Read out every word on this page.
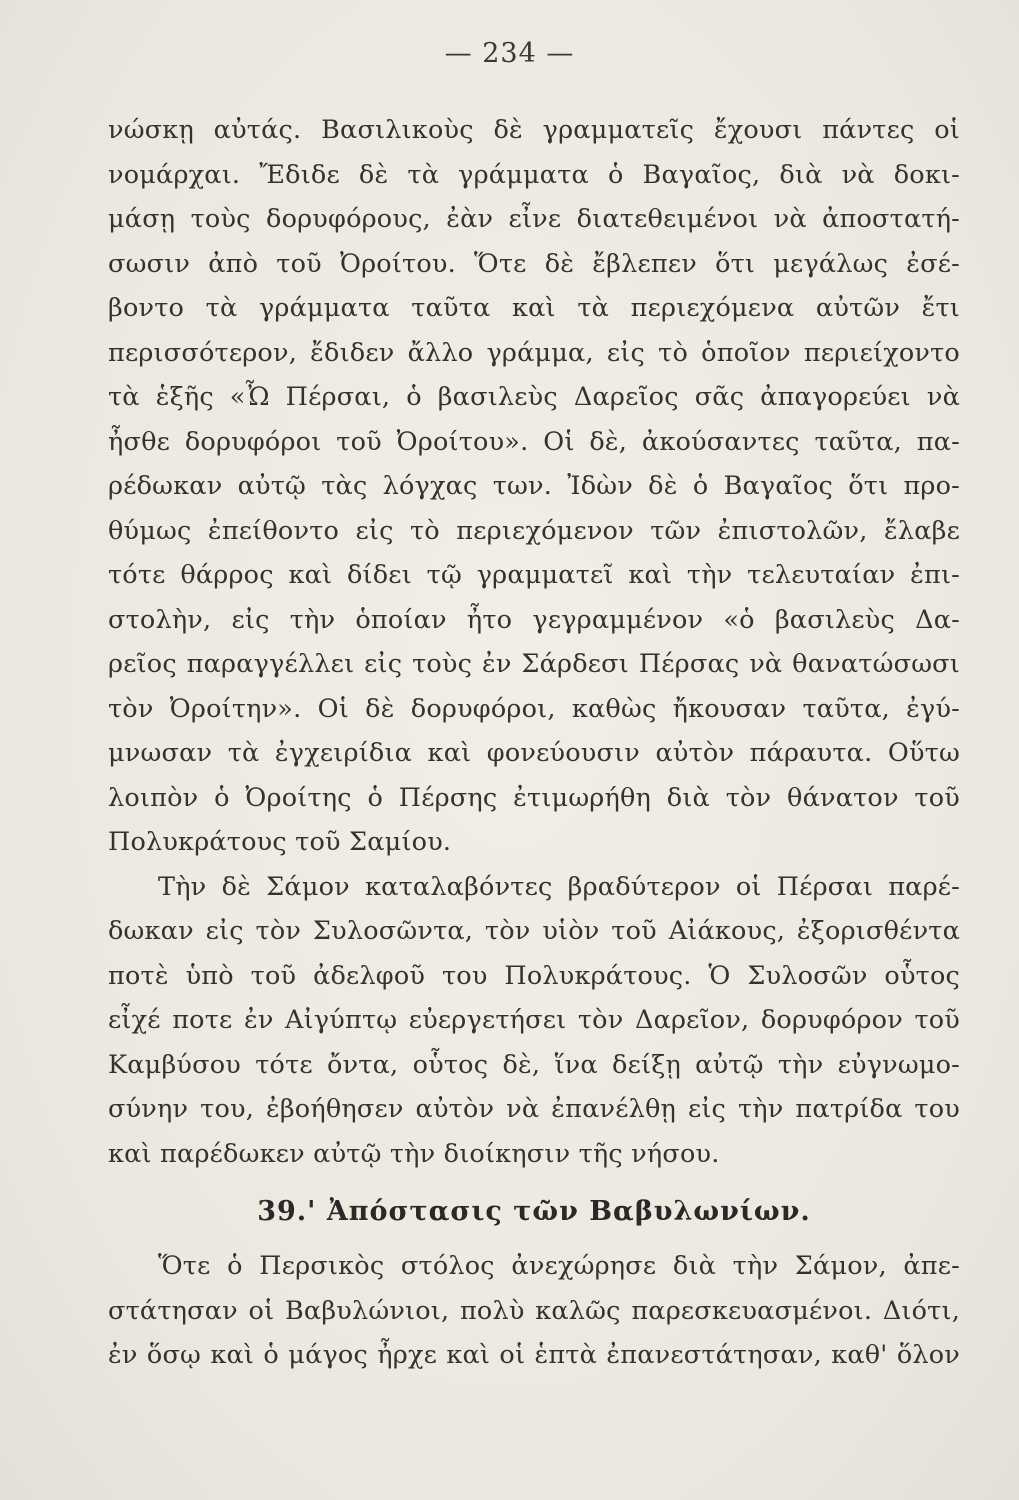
— 234 —
νώσκῃ αὐτάς. Βασιλικοὺς δὲ γραμματεῖς ἔχουσι πάντες οἱ
νομάρχαι. Ἔδιδε δὲ τὰ γράμματα ὁ Βαγαῖος, διὰ νὰ δοκι-
μάσῃ τοὺς δορυφόρους, ἐὰν εἶνε διατεθειμένοι νὰ ἀποστατή-
σωσιν ἀπὸ τοῦ Ὀροίτου. Ὅτε δὲ ἔβλεπεν ὅτι μεγάλως ἐσέ-
βοντο τὰ γράμματα ταῦτα καὶ τὰ περιεχόμενα αὐτῶν ἔτι
περισσότερον, ἔδιδεν ἄλλο γράμμα, εἰς τὸ ὁποῖον περιείχοντο
τὰ ἑξῆς «Ὦ Πέρσαι, ὁ βασιλεὺς Δαρεῖος σᾶς ἀπαγορεύει νὰ
ἦσθε δορυφόροι τοῦ Ὀροίτου». Οἱ δὲ, ἀκούσαντες ταῦτα, πα-
ρέδωκαν αὐτῷ τὰς λόγχας των. Ἰδὼν δὲ ὁ Βαγαῖος ὅτι προ-
θύμως ἐπείθοντο εἰς τὸ περιεχόμενον τῶν ἐπιστολῶν, ἔλαβε
τότε θάρρος καὶ δίδει τῷ γραμματεῖ καὶ τὴν τελευταίαν ἐπι-
στολὴν, εἰς τὴν ὁποίαν ἦτο γεγραμμένον «ὁ βασιλεὺς Δα-
ρεῖος παραγγέλλει εἰς τοὺς ἐν Σάρδεσι Πέρσας νὰ θανατώσωσι
τὸν Ὀροίτην». Οἱ δὲ δορυφόροι, καθὼς ἤκουσαν ταῦτα, ἐγύ-
μνωσαν τὰ ἐγχειρίδια καὶ φονεύουσιν αὐτὸν πάραυτα. Οὕτω
λοιπὸν ὁ Ὀροίτης ὁ Πέρσης ἐτιμωρήθη διὰ τὸν θάνατον τοῦ
Πολυκράτους τοῦ Σαμίου.
Τὴν δὲ Σάμον καταλαβόντες βραδύτερον οἱ Πέρσαι παρέ-
δωκαν εἰς τὸν Συλοσῶντα, τὸν υἱὸν τοῦ Αἰάκους, ἐξορισθέντα
ποτὲ ὑπὸ τοῦ ἀδελφοῦ του Πολυκράτους. Ὁ Συλοσῶν οὗτος
εἶχέ ποτε ἐν Αἰγύπτῳ εὐεργετήσει τὸν Δαρεῖον, δορυφόρον τοῦ
Καμβύσου τότε ὄντα, οὗτος δὲ, ἵνα δείξῃ αὐτῷ τὴν εὐγνωμο-
σύνην του, ἐβοήθησεν αὐτὸν νὰ ἐπανέλθῃ εἰς τὴν πατρίδα του
καὶ παρέδωκεν αὐτῷ τὴν διοίκησιν τῆς νήσου.
39.' Ἀπόστασις τῶν Βαβυλωνίων.
Ὅτε ὁ Περσικὸς στόλος ἀνεχώρησε διὰ τὴν Σάμον, ἀπε-
στάτησαν οἱ Βαβυλώνιοι, πολὺ καλῶς παρεσκευασμένοι. Διότι,
ἐν ὅσῳ καὶ ὁ μάγος ἦρχε καὶ οἱ ἑπτὰ ἐπανεστάτησαν, καθ' ὅλον
